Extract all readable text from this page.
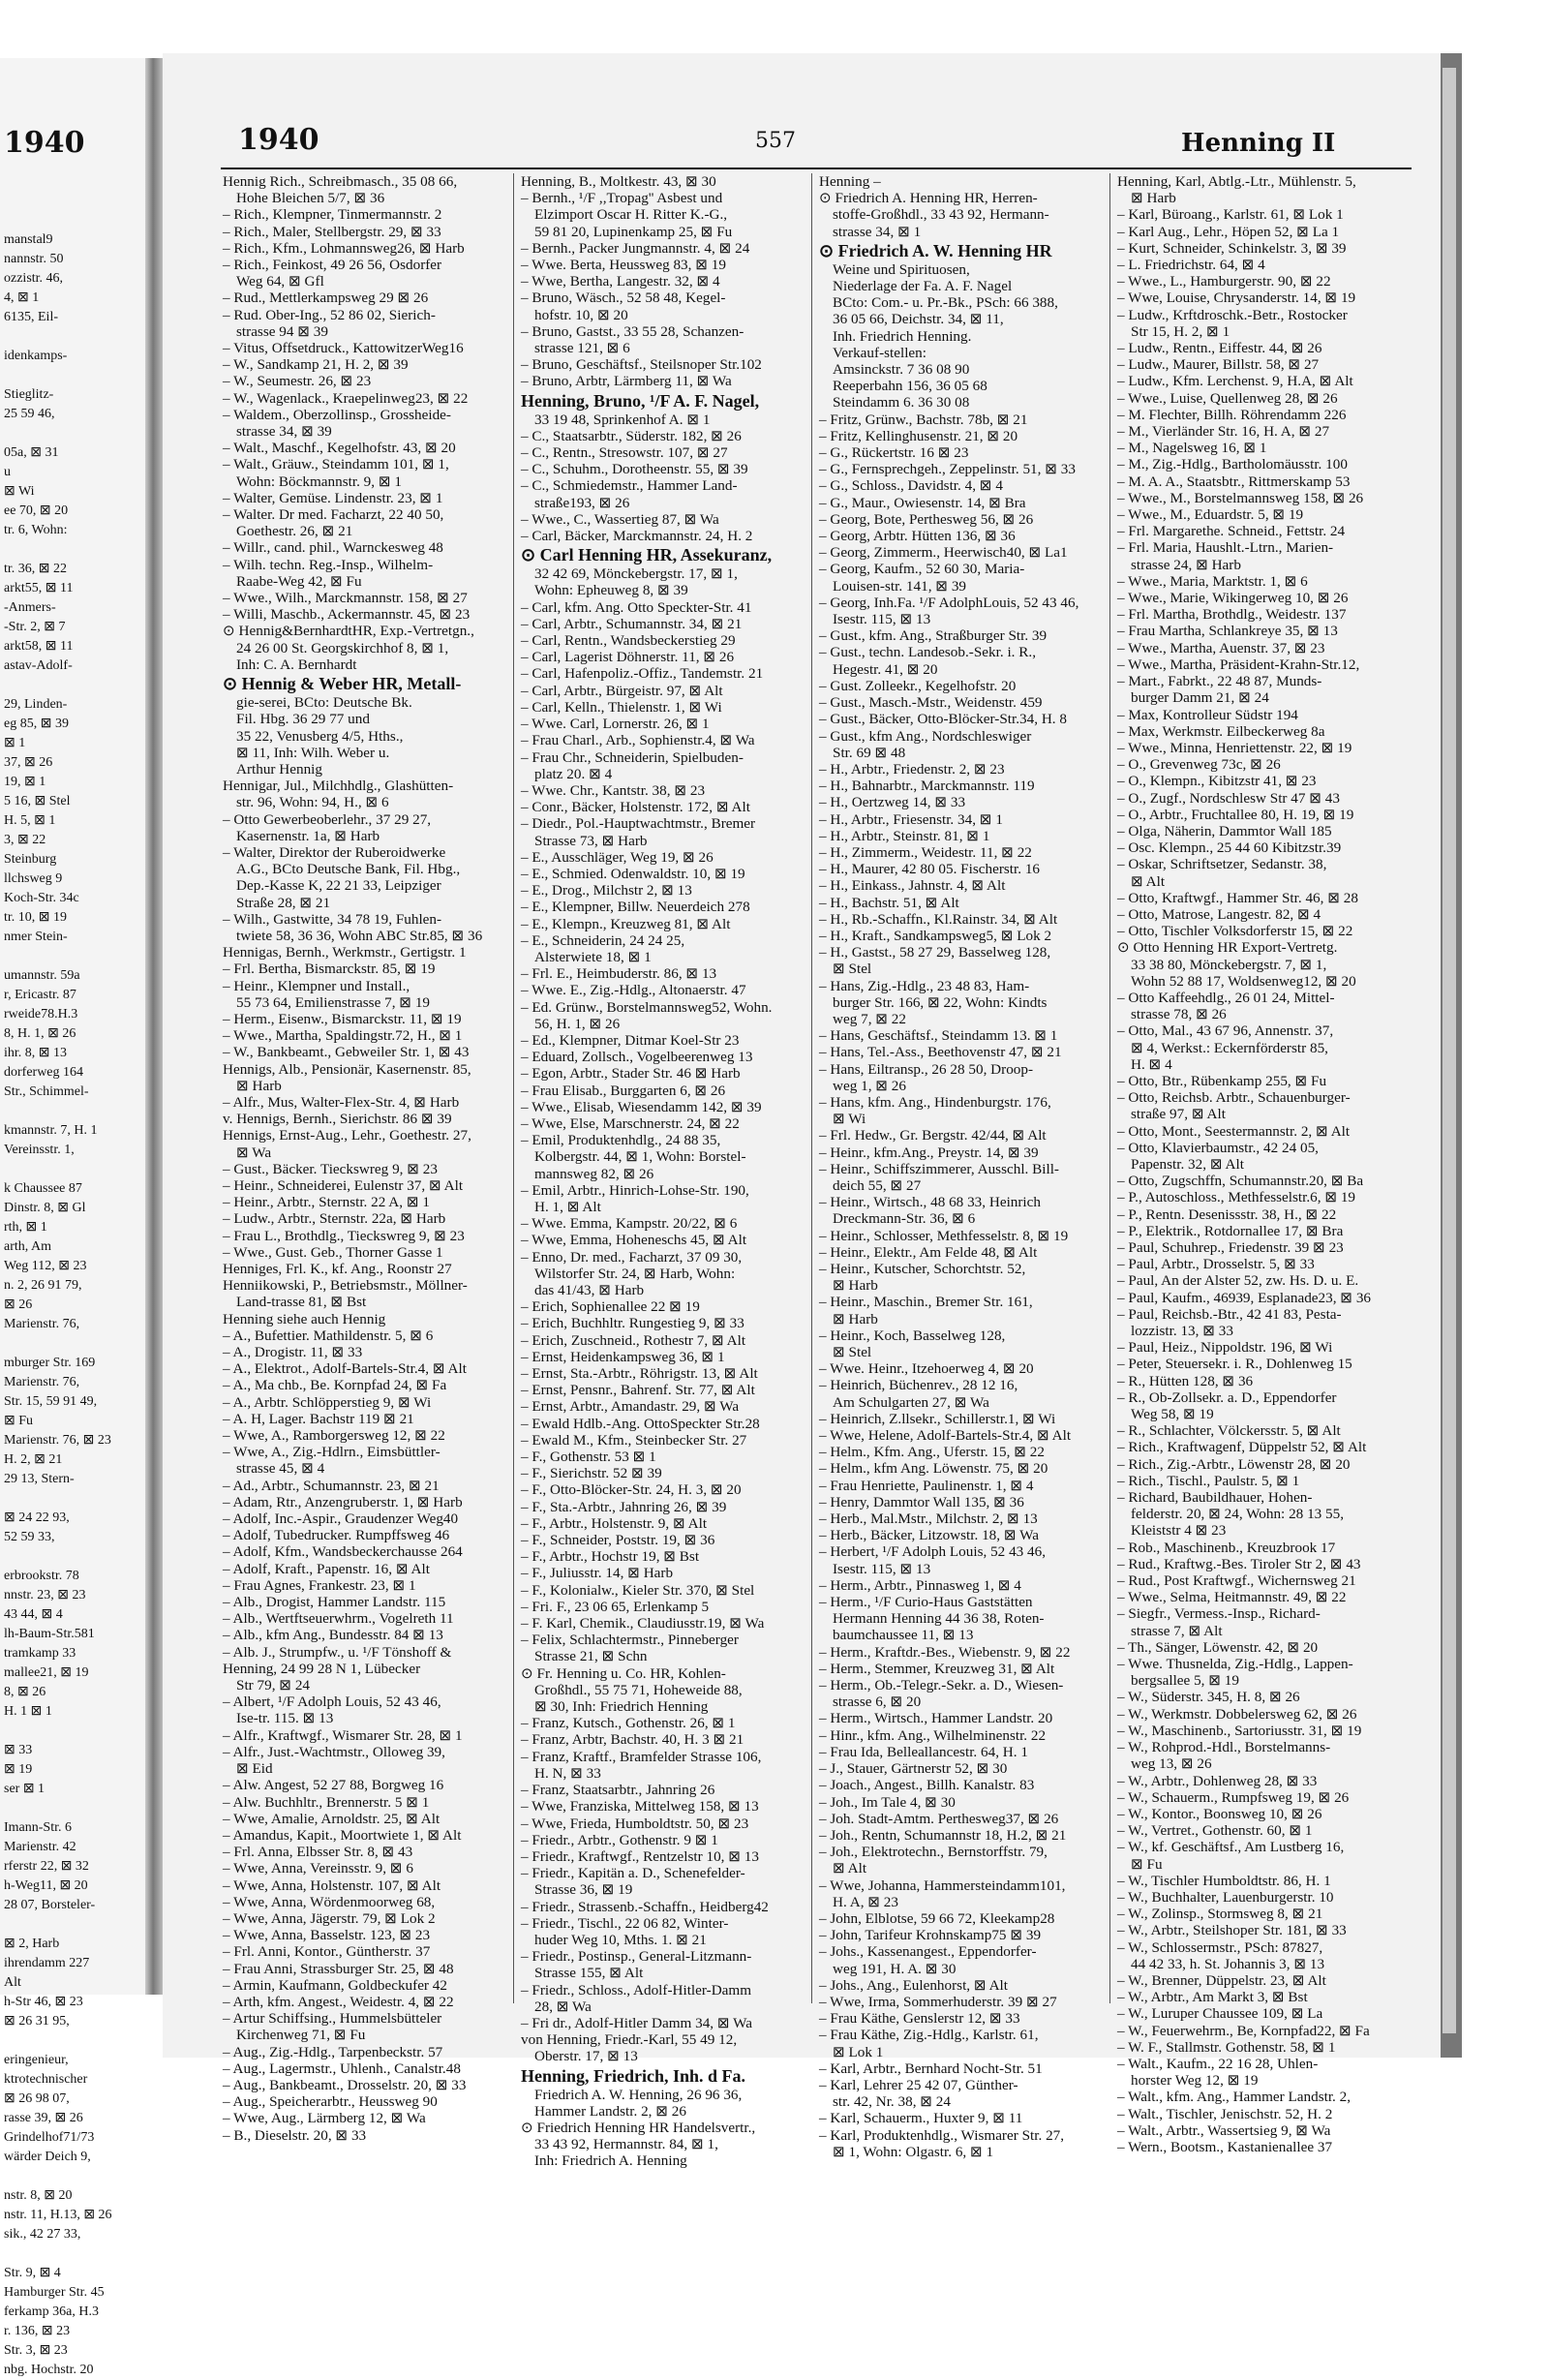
1940
manstal9
nannstr. 50
ozzistr. 46,
4, ⊠ 1
6135, Eil-
idenkamps-
Stieglitz-
25 59 46,
05a, ⊠ 31
u
⊠ Wi
ee 70, ⊠ 20
tr. 6, Wohn:
tr. 36, ⊠ 22
arkt55, ⊠ 11
-Anmers-
-Str. 2, ⊠ 7
arkt58, ⊠ 11
astav-Adolf-
29, Linden-
eg 85, ⊠ 39
⊠ 1
37, ⊠ 26
19, ⊠ 1
5 16, ⊠ Stel
H. 5, ⊠ 1
3, ⊠ 22
Steinburg
llchsweg 9
Koch-Str. 34c
tr. 10, ⊠ 19
nmer Stein-
umannstr. 59a
r, Ericastr. 87
rweide78.H.3
8, H. 1, ⊠ 26
ihr. 8, ⊠ 13
dorferweg 164
Str., Schimmel-
kmannstr. 7, H. 1
Vereinsstr. 1,
k Chaussee 87
Dinstr. 8, ⊠ Gl
rth, ⊠ 1
arth, Am
Weg 112, ⊠ 23
n. 2, 26 91 79,
⊠ 26
Marienstr. 76,
mburger Str. 169
Marienstr. 76,
Str. 15, 59 91 49,
⊠ Fu
Marienstr. 76, ⊠ 23
H. 2, ⊠ 21
29 13, Stern-
⊠ 24 22 93,
52 59 33,
erbrookstr. 78
nnstr. 23, ⊠ 23
43 44, ⊠ 4
lh-Baum-Str.581
tramkamp 33
mallee21, ⊠ 19
8, ⊠ 26
H. 1 ⊠ 1
⊠ 33
⊠ 19
ser ⊠ 1
Imann-Str. 6
Marienstr. 42
rferstr 22, ⊠ 32
h-Weg11, ⊠ 20
28 07, Borsteler-
⊠ 2, Harb
ihrendamm 227
Alt
h-Str 46, ⊠ 23
⊠ 26 31 95,
eringenieur,
ktrotechnischer
⊠ 26 98 07,
rasse 39, ⊠ 26
Grindelhof71/73
wärder Deich 9,
nstr. 8, ⊠ 20
nstr. 11, H.13, ⊠ 26
sik., 42 27 33,
Str. 9, ⊠ 4
Hamburger Str. 45
ferkamp 36a, H.3
r. 136, ⊠ 23
Str. 3, ⊠ 23
nbg. Hochstr. 20
1940	557	Henning II
Hennig Rich., Schreibmasch., 35 08 66,
Hohe Bleichen 5/7, ⊠ 36
– Rich., Klempner, Tinmermannstr. 2
– Rich., Maler, Stellbergstr. 29, ⊠ 33
– Rich., Kfm., Lohmannsweg26, ⊠ Harb
– Rich., Feinkost, 49 26 56, Osdorfer
Weg 64, ⊠ Gfl
– Rud., Mettlerkampsweg 29 ⊠ 26
– Rud. Ober-Ing., 52 86 02, Sierich-
strasse 94 ⊠ 39
– Vitus, Offsetdruck., KattowitzerWeg16
– W., Sandkamp 21, H. 2, ⊠ 39
– W., Seumestr. 26, ⊠ 23
– W., Wagenlack., Kraepelinweg23, ⊠ 22
– Waldem., Oberzollinsp., Grossheide-
strasse 34, ⊠ 39
– Walt., Maschf., Kegelhofstr. 43, ⊠ 20
– Walt., Gräuw., Steindamm 101, ⊠ 1,
Wohn: Böckmannstr. 9, ⊠ 1
– Walter, Gemüse. Lindenstr. 23, ⊠ 1
– Walter. Dr med. Facharzt, 22 40 50,
Goethestr. 26, ⊠ 21
– Willr., cand. phil., Warnckesweg 48
– Wilh. techn. Reg.-Insp., Wilhelm-
Raabe-Weg 42, ⊠ Fu
– Wwe., Wilh., Marckmannstr. 158, ⊠ 27
– Willi, Maschb., Ackermannstr. 45, ⊠ 23
⊙ Hennig&BernhardtHR, Exp.-Vertretgn.,
24 26 00 St. Georgskirchhof 8, ⊠ 1,
Inh: C. A. Bernhardt
⊙ Hennig & Weber HR, Metall-
gie-serei, BCto: Deutsche Bk.
Fil. Hbg. 36 29 77 und
35 22, Venusberg 4/5, Hths.,
⊠ 11, Inh: Wilh. Weber u.
Arthur Hennig
Hennigar, Jul., Milchhdlg., Glashütten-
str. 96, Wohn: 94, H., ⊠ 6
– Otto Gewerbeoberlehr., 37 29 27,
Kasernenstr. 1a, ⊠ Harb
– Walter, Direktor der Ruberoidwerke
A.G., BCto Deutsche Bank, Fil. Hbg.,
Dep.-Kasse K, 22 21 33, Leipziger
Straße 28, ⊠ 21
– Wilh., Gastwitte, 34 78 19, Fuhlen-
twiete 58, 36 36, Wohn ABC Str.85, ⊠ 36
Hennigas, Bernh., Werkmstr., Gertigstr. 1
– Frl. Bertha, Bismarckstr. 85, ⊠ 19
– Heinr., Klempner und Install.,
55 73 64, Emilienstrasse 7, ⊠ 19
– Herm., Eisenw., Bismarckstr. 11, ⊠ 19
– Wwe., Martha, Spaldingstr.72, H., ⊠ 1
– W., Bankbeamt., Gebweiler Str. 1, ⊠ 43
Hennigs, Alb., Pensionär, Kasernenstr. 85,
⊠ Harb
– Alfr., Mus, Walter-Flex-Str. 4, ⊠ Harb
v. Hennigs, Bernh., Sierichstr. 86 ⊠ 39
Hennigs, Ernst-Aug., Lehr., Goethestr. 27,
⊠ Wa
– Gust., Bäcker. Tieckswreg 9, ⊠ 23
– Heinr., Schneiderei, Eulenstr 37, ⊠ Alt
– Heinr., Arbtr., Sternstr. 22 A, ⊠ 1
– Ludw., Arbtr., Sternstr. 22a, ⊠ Harb
– Frau L., Brothdlg., Tieckswreg 9, ⊠ 23
– Wwe., Gust. Geb., Thorner Gasse 1
Henniges, Frl. K., kf. Ang., Roonstr 27
Henniikowski, P., Betriebsmstr., Möllner-
Land-trasse 81, ⊠ Bst
Henning siehe auch Hennig
– A., Bufettier. Mathildenstr. 5, ⊠ 6
– A., Drogistr. 11, ⊠ 33
– A., Elektrot., Adolf-Bartels-Str.4, ⊠ Alt
– A., Ma chb., Be. Kornpfad 24, ⊠ Fa
– A., Arbtr. Schlöpperstieg 9, ⊠ Wi
– A. H, Lager. Bachstr 119 ⊠ 21
– Wwe, A., Ramborgersweg 12, ⊠ 22
– Wwe, A., Zig.-Hdlrn., Eimsbüttler-
strasse 45, ⊠ 4
– Ad., Arbtr., Schumannstr. 23, ⊠ 21
– Adam, Rtr., Anzengruberstr. 1, ⊠ Harb
– Adolf, Inc.-Aspir., Graudenzer Weg40
– Adolf, Tubedrucker. Rumpffsweg 46
– Adolf, Kfm., Wandsbeckerchausse 264
– Adolf, Kraft., Papenstr. 16, ⊠ Alt
– Frau Agnes, Frankestr. 23, ⊠ 1
– Alb., Drogist, Hammer Landstr. 115
– Alb., Wertftseuerwhrm., Vogelreth 11
– Alb., kfm Ang., Bundesstr. 84 ⊠ 13
– Alb. J., Strumpfw., u. ¹/F Tönshoff &
Henning, 24 99 28 N 1, Lübecker
Str 79, ⊠ 24
– Albert, ¹/F Adolph Louis, 52 43 46,
Ise-tr. 115. ⊠ 13
– Alfr., Kraftwgf., Wismarer Str. 28, ⊠ 1
– Alfr., Just.-Wachtmstr., Olloweg 39,
⊠ Eid
– Alw. Angest, 52 27 88, Borgweg 16
– Alw. Buchhltr., Brennerstr. 5 ⊠ 1
– Wwe, Amalie, Arnoldstr. 25, ⊠ Alt
– Amandus, Kapit., Moortwiete 1, ⊠ Alt
– Frl. Anna, Elbsser Str. 8, ⊠ 43
– Wwe, Anna, Vereinsstr. 9, ⊠ 6
– Wwe, Anna, Holstenstr. 107, ⊠ Alt
– Wwe, Anna, Wördenmoorweg 68,
– Wwe, Anna, Jägerstr. 79, ⊠ Lok 2
– Wwe, Anna, Basselstr. 123, ⊠ 23
– Frl. Anni, Kontor., Güntherstr. 37
– Frau Anni, Strassburger Str. 25, ⊠ 48
– Armin, Kaufmann, Goldbeckufer 42
– Arth, kfm. Angest., Weidestr. 4, ⊠ 22
– Artur Schiffsing., Hummelsbütteler
Kirchenweg 71, ⊠ Fu
– Aug., Zig.-Hdlg., Tarpenbeckstr. 57
– Aug., Lagermstr., Uhlenh., Canalstr.48
– Aug., Bankbeamt., Drosselstr. 20, ⊠ 33
– Aug., Speicherarbtr., Heussweg 90
– Wwe, Aug., Lärmberg 12, ⊠ Wa
– B., Dieselstr. 20, ⊠ 33
Henning, B., Moltkestr. 43, ⊠ 30
– Bernh., ¹/F ,,Tropag'' Asbest und
Elzimport Oscar H. Ritter K.-G.,
59 81 20, Lupinenkamp 25, ⊠ Fu
– Bernh., Packer Jungmannstr. 4, ⊠ 24
– Wwe. Berta, Heussweg 83, ⊠ 19
– Wwe, Bertha, Langestr. 32, ⊠ 4
– Bruno, Wäsch., 52 58 48, Kegel-
hofstr. 10, ⊠ 20
– Bruno, Gastst., 33 55 28, Schanzen-
strasse 121, ⊠ 6
– Bruno, Geschäftsf., Steilsnoper Str.102
– Bruno, Arbtr, Lärmberg 11, ⊠ Wa
Henning, Bruno, ¹/F A. F. Nagel,
33 19 48, Sprinkenhof A. ⊠ 1
– C., Staatsarbtr., Süderstr. 182, ⊠ 26
– C., Rentn., Stresowstr. 107, ⊠ 27
– C., Schuhm., Dorotheenstr. 55, ⊠ 39
– C., Schmiedemstr., Hammer Land-
straße193, ⊠ 26
– Wwe., C., Wassertieg 87, ⊠ Wa
– Carl, Bäcker, Marckmannstr. 24, H. 2
⊙ Carl Henning HR, Assekuranz,
32 42 69, Mönckebergstr. 17, ⊠ 1,
Wohn: Epheuweg 8, ⊠ 39
– Carl, kfm. Ang. Otto Speckter-Str. 41
– Carl, Arbtr., Schumannstr. 34, ⊠ 21
– Carl, Rentn., Wandsbeckerstieg 29
– Carl, Lagerist Döhnerstr. 11, ⊠ 26
– Carl, Hafenpoliz.-Offiz., Tandemstr. 21
– Carl, Arbtr., Bürgeistr. 97, ⊠ Alt
– Carl, Kelln., Thielenstr. 1, ⊠ Wi
– Wwe. Carl, Lornerstr. 26, ⊠ 1
– Frau Charl., Arb., Sophienstr.4, ⊠ Wa
– Frau Chr., Schneiderin, Spielbuden-
platz 20. ⊠ 4
– Wwe. Chr., Kantstr. 38, ⊠ 23
– Conr., Bäcker, Holstenstr. 172, ⊠ Alt
– Diedr., Pol.-Hauptwachtmstr., Bremer
Strasse 73, ⊠ Harb
– E., Ausschläger, Weg 19, ⊠ 26
– E., Schmied. Odenwaldstr. 10, ⊠ 19
– E., Drog., Milchstr 2, ⊠ 13
– E., Klempner, Billw. Neuerdeich 278
– E., Klempn., Kreuzweg 81, ⊠ Alt
– E., Schneiderin, 24 24 25,
Alsterwiete 18, ⊠ 1
– Frl. E., Heimbuderstr. 86, ⊠ 13
– Wwe. E., Zig.-Hdlg., Altonaerstr. 47
– Ed. Grünw., Borstelmannsweg52, Wohn.
56, H. 1, ⊠ 26
– Ed., Klempner, Ditmar Koel-Str 23
– Eduard, Zollsch., Vogelbeerenweg 13
– Egon, Arbtr., Stader Str. 46 ⊠ Harb
– Frau Elisab., Burggarten 6, ⊠ 26
– Wwe., Elisab, Wiesendamm 142, ⊠ 39
– Wwe, Else, Marschnerstr. 24, ⊠ 22
– Emil, Produktenhdlg., 24 88 35,
Kolbergstr. 44, ⊠ 1, Wohn: Borstel-
mannsweg 82, ⊠ 26
– Emil, Arbtr., Hinrich-Lohse-Str. 190,
H. 1, ⊠ Alt
– Wwe. Emma, Kampstr. 20/22, ⊠ 6
– Wwe, Emma, Hoheneschs 45, ⊠ Alt
– Enno, Dr. med., Facharzt, 37 09 30,
Wilstorfer Str. 24, ⊠ Harb, Wohn:
das 41/43, ⊠ Harb
– Erich, Sophienallee 22 ⊠ 19
– Erich, Buchhltr. Rungestieg 9, ⊠ 33
– Erich, Zuschneid., Rothestr 7, ⊠ Alt
– Ernst, Heidenkampsweg 36, ⊠ 1
– Ernst, Sta.-Arbtr., Röhrigstr. 13, ⊠ Alt
– Ernst, Pensnr., Bahrenf. Str. 77, ⊠ Alt
– Ernst, Arbtr., Amandastr. 29, ⊠ Wa
– Ewald Hdlb.-Ang. OttoSpeckter Str.28
– Ewald M., Kfm., Steinbecker Str. 27
– F., Gothenstr. 53 ⊠ 1
– F., Sierichstr. 52 ⊠ 39
– F., Otto-Blöcker-Str. 24, H. 3, ⊠ 20
– F., Sta.-Arbtr., Jahnring 26, ⊠ 39
– F., Arbtr., Holstenstr. 9, ⊠ Alt
– F., Schneider, Poststr. 19, ⊠ 36
– F., Arbtr., Hochstr 19, ⊠ Bst
– F., Juliusstr. 14, ⊠ Harb
– F., Kolonialw., Kieler Str. 370, ⊠ Stel
– Fri. F., 23 06 65, Erlenkamp 5
– F. Karl, Chemik., Claudiusstr.19, ⊠ Wa
– Felix, Schlachtermstr., Pinneberger
Strasse 21, ⊠ Schn
⊙ Fr. Henning u. Co. HR, Kohlen-
Großhdl., 55 75 71, Hoheweide 88,
⊠ 30, Inh: Friedrich Henning
– Franz, Kutsch., Gothenstr. 26, ⊠ 1
– Franz, Arbtr, Bachstr. 40, H. 3 ⊠ 21
– Franz, Kraftf., Bramfelder Strasse 106,
H. N, ⊠ 33
– Franz, Staatsarbtr., Jahnring 26
– Wwe, Franziska, Mittelweg 158, ⊠ 13
– Wwe, Frieda, Humboldtstr. 50, ⊠ 23
– Friedr., Arbtr., Gothenstr. 9 ⊠ 1
– Friedr., Kraftwgf., Rentzelstr 10, ⊠ 13
– Friedr., Kapitän a. D., Schenefelder-
Strasse 36, ⊠ 19
– Friedr., Strassenb.-Schaffn., Heidberg42
– Friedr., Tischl., 22 06 82, Winter-
huder Weg 10, Mths. 1. ⊠ 21
– Friedr., Postinsp., General-Litzmann-
Strasse 155, ⊠ Alt
– Friedr., Schloss., Adolf-Hitler-Damm
28, ⊠ Wa
– Fri dr., Adolf-Hitler Damm 34, ⊠ Wa
von Henning, Friedr.-Karl, 55 49 12,
Oberstr. 17, ⊠ 13
Henning, Friedrich, Inh. d Fa.
Friedrich A. W. Henning, 26 96 36,
Hammer Landstr. 2, ⊠ 26
⊙ Friedrich Henning HR Handelsvertr.,
33 43 92, Hermannstr. 84, ⊠ 1,
Inh: Friedrich A. Henning
Henning –
⊙ Friedrich A. Henning HR, Herren-
stoffe-Großhdl., 33 43 92, Hermann-
strasse 34, ⊠ 1
⊙ Friedrich A. W. Henning HR
Weine und Spirituosen,
Niederlage der Fa. A. F. Nagel
BCto: Com.- u. Pr.-Bk., PSch: 66 388,
36 05 66, Deichstr. 34, ⊠ 11,
Inh. Friedrich Henning.
Verkauf-stellen:
Amsinckstr. 7 36 08 90
Reeperbahn 156, 36 05 68
Steindamm 6. 36 30 08
– Fritz, Grünw., Bachstr. 78b, ⊠ 21
– Fritz, Kellinghusenstr. 21, ⊠ 20
– G., Rückertstr. 16 ⊠ 23
– G., Fernsprechgeh., Zeppelinstr. 51, ⊠ 33
– G., Schloss., Davidstr. 4, ⊠ 4
– G., Maur., Owiesenstr. 14, ⊠ Bra
– Georg, Bote, Perthesweg 56, ⊠ 26
– Georg, Arbtr. Hütten 136, ⊠ 36
– Georg, Zimmerm., Heerwisch40, ⊠ La1
– Georg, Kaufm., 52 60 30, Maria-
Louisen-str. 141, ⊠ 39
– Georg, Inh.Fa. ¹/F AdolphLouis, 52 43 46,
Isestr. 115, ⊠ 13
– Gust., kfm. Ang., Straßburger Str. 39
– Gust., techn. Landesob.-Sekr. i. R.,
Hegestr. 41, ⊠ 20
– Gust. Zolleekr., Kegelhofstr. 20
– Gust., Masch.-Mstr., Weidenstr. 459
– Gust., Bäcker, Otto-Blöcker-Str.34, H. 8
– Gust., kfm Ang., Nordschleswiger
Str. 69 ⊠ 48
– H., Arbtr., Friedenstr. 2, ⊠ 23
– H., Bahnarbtr., Marckmannstr. 119
– H., Oertzweg 14, ⊠ 33
– H., Arbtr., Friesenstr. 34, ⊠ 1
– H., Arbtr., Steinstr. 81, ⊠ 1
– H., Zimmerm., Weidestr. 11, ⊠ 22
– H., Maurer, 42 80 05. Fischerstr. 16
– H., Einkass., Jahnstr. 4, ⊠ Alt
– H., Bachstr. 51, ⊠ Alt
– H., Rb.-Schaffn., Kl.Rainstr. 34, ⊠ Alt
– H., Kraft., Sandkampsweg5, ⊠ Lok 2
– H., Gastst., 58 27 29, Basselweg 128,
⊠ Stel
– Hans, Zig.-Hdlg., 23 48 83, Ham-
burger Str. 166, ⊠ 22, Wohn: Kindts
weg 7, ⊠ 22
– Hans, Geschäftsf., Steindamm 13. ⊠ 1
– Hans, Tel.-Ass., Beethovenstr 47, ⊠ 21
– Hans, Eiltransp., 26 28 50, Droop-
weg 1, ⊠ 26
– Hans, kfm. Ang., Hindenburgstr. 176,
⊠ Wi
– Frl. Hedw., Gr. Bergstr. 42/44, ⊠ Alt
– Heinr., kfm.Ang., Preystr. 14, ⊠ 39
– Heinr., Schiffszimmerer, Ausschl. Bill-
deich 55, ⊠ 27
– Heinr., Wirtsch., 48 68 33, Heinrich
Dreckmann-Str. 36, ⊠ 6
– Heinr., Schlosser, Methfesselstr. 8, ⊠ 19
– Heinr., Elektr., Am Felde 48, ⊠ Alt
– Heinr., Kutscher, Schorchtstr. 52,
⊠ Harb
– Heinr., Maschin., Bremer Str. 161,
⊠ Harb
– Heinr., Koch, Basselweg 128,
⊠ Stel
– Wwe. Heinr., Itzehoerweg 4, ⊠ 20
– Heinrich, Büchenrev., 28 12 16,
Am Schulgarten 27, ⊠ Wa
– Heinrich, Z.llsekr., Schillerstr.1, ⊠ Wi
– Wwe, Helene, Adolf-Bartels-Str.4, ⊠ Alt
– Helm., Kfm. Ang., Uferstr. 15, ⊠ 22
– Helm., kfm Ang. Löwenstr. 75, ⊠ 20
– Frau Henriette, Paulinenstr. 1, ⊠ 4
– Henry, Dammtor Wall 135, ⊠ 36
– Herb., Mal.Mstr., Milchstr. 2, ⊠ 13
– Herb., Bäcker, Litzowstr. 18, ⊠ Wa
– Herbert, ¹/F Adolph Louis, 52 43 46,
Isestr. 115, ⊠ 13
– Herm., Arbtr., Pinnasweg 1, ⊠ 4
– Herm., ¹/F Curio-Haus Gaststätten
Hermann Henning 44 36 38, Roten-
baumchaussee 11, ⊠ 13
– Herm., Kraftdr.-Bes., Wiebenstr. 9, ⊠ 22
– Herm., Stemmer, Kreuzweg 31, ⊠ Alt
– Herm., Ob.-Telegr.-Sekr. a. D., Wiesen-
strasse 6, ⊠ 20
– Herm., Wirtsch., Hammer Landstr. 20
– Hinr., kfm. Ang., Wilhelminenstr. 22
– Frau Ida, Belleallancestr. 64, H. 1
– J., Stauer, Gärtnerstr 52, ⊠ 30
– Joach., Angest., Billh. Kanalstr. 83
– Joh., Im Tale 4, ⊠ 30
– Joh. Stadt-Amtm. Perthesweg37, ⊠ 26
– Joh., Rentn, Schumannstr 18, H.2, ⊠ 21
– Joh., Elektrotechn., Bernstorffstr. 79,
⊠ Alt
– Wwe, Johanna, Hammersteindamm101,
H. A, ⊠ 23
– John, Elblotse, 59 66 72, Kleekamp28
– John, Tarifeur Krohnskamp75 ⊠ 39
– Johs., Kassenangest., Eppendorfer-
weg 191, H. A. ⊠ 30
– Johs., Ang., Eulenhorst, ⊠ Alt
– Wwe, Irma, Sommerhuderstr. 39 ⊠ 27
– Frau Käthe, Genslerstr 12, ⊠ 33
– Frau Käthe, Zig.-Hdlg., Karlstr. 61,
⊠ Lok 1
– Karl, Arbtr., Bernhard Nocht-Str. 51
– Karl, Lehrer 25 42 07, Günther-
str. 42, Nr. 38, ⊠ 24
– Karl, Schauerm., Huxter 9, ⊠ 11
– Karl, Produktenhdlg., Wismarer Str. 27,
⊠ 1, Wohn: Olgastr. 6, ⊠ 1
Henning, Karl, Abtlg.-Ltr., Mühlenstr. 5,
⊠ Harb
– Karl, Büroang., Karlstr. 61, ⊠ Lok 1
– Karl Aug., Lehr., Höpen 52, ⊠ La 1
– Kurt, Schneider, Schinkelstr. 3, ⊠ 39
– L. Friedrichstr. 64, ⊠ 4
– Wwe., L., Hamburgerstr. 90, ⊠ 22
– Wwe, Louise, Chrysanderstr. 14, ⊠ 19
– Ludw., Krftdroschk.-Betr., Rostocker
Str 15, H. 2, ⊠ 1
– Ludw., Rentn., Eiffestr. 44, ⊠ 26
– Ludw., Maurer, Billstr. 58, ⊠ 27
– Ludw., Kfm. Lerchenst. 9, H.A, ⊠ Alt
– Wwe., Luise, Quellenweg 28, ⊠ 26
– M. Flechter, Billh. Röhrendamm 226
– M., Vierländer Str. 16, H. A, ⊠ 27
– M., Nagelsweg 16, ⊠ 1
– M., Zig.-Hdlg., Bartholomäusstr. 100
– M. A. A., Staatsbtr., Rittmerskamp 53
– Wwe., M., Borstelmannsweg 158, ⊠ 26
– Wwe., M., Eduardstr. 5, ⊠ 19
– Frl. Margarethe. Schneid., Fettstr. 24
– Frl. Maria, Haushlt.-Ltrn., Marien-
strasse 24, ⊠ Harb
– Wwe., Maria, Marktstr. 1, ⊠ 6
– Wwe., Marie, Wikingerweg 10, ⊠ 26
– Frl. Martha, Brothdlg., Weidestr. 137
– Frau Martha, Schlankreye 35, ⊠ 13
– Wwe., Martha, Auenstr. 37, ⊠ 23
– Wwe., Martha, Präsident-Krahn-Str.12,
– Mart., Fabrkt., 22 48 87, Munds-
burger Damm 21, ⊠ 24
– Max, Kontrolleur Südstr 194
– Max, Werkmstr. Eilbeckerweg 8a
– Wwe., Minna, Henriettenstr. 22, ⊠ 19
– O., Grevenweg 73c, ⊠ 26
– O., Klempn., Kibitzstr 41, ⊠ 23
– O., Zugf., Nordschlesw Str 47 ⊠ 43
– O., Arbtr., Fruchtallee 80, H. 19, ⊠ 19
– Olga, Näherin, Dammtor Wall 185
– Osc. Klempn., 25 44 60 Kibitzstr.39
– Oskar, Schriftsetzer, Sedanstr. 38,
⊠ Alt
– Otto, Kraftwgf., Hammer Str. 46, ⊠ 28
– Otto, Matrose, Langestr. 82, ⊠ 4
– Otto, Tischler Volksdorferstr 15, ⊠ 22
⊙ Otto Henning HR Export-Vertretg.
33 38 80, Mönckebergstr. 7, ⊠ 1,
Wohn 52 88 17, Woldsenweg12, ⊠ 20
– Otto Kaffeehdlg., 26 01 24, Mittel-
strasse 78, ⊠ 26
– Otto, Mal., 43 67 96, Annenstr. 37,
⊠ 4, Werkst.: Eckernförderstr 85,
H. ⊠ 4
– Otto, Btr., Rübenkamp 255, ⊠ Fu
– Otto, Reichsb. Arbtr., Schauenburger-
straße 97, ⊠ Alt
– Otto, Mont., Seestermannstr. 2, ⊠ Alt
– Otto, Klavierbaumstr., 42 24 05,
Papenstr. 32, ⊠ Alt
– Otto, Zugschffn, Schumannstr.20, ⊠ Ba
– P., Autoschloss., Methfesselstr.6, ⊠ 19
– P., Rentn. Desenissstr. 38, H., ⊠ 22
– P., Elektrik., Rotdornallee 17, ⊠ Bra
– Paul, Schuhrep., Friedenstr. 39 ⊠ 23
– Paul, Arbtr., Drosselstr. 5, ⊠ 33
– Paul, An der Alster 52, zw. Hs. D. u. E.
– Paul, Kaufm., 46939, Esplanade23, ⊠ 36
– Paul, Reichsb.-Btr., 42 41 83, Pesta-
lozzistr. 13, ⊠ 33
– Paul, Heiz., Nippoldstr. 196, ⊠ Wi
– Peter, Steuersekr. i. R., Dohlenweg 15
– R., Hütten 128, ⊠ 36
– R., Ob-Zollsekr. a. D., Eppendorfer
Weg 58, ⊠ 19
– R., Schlachter, Völckersstr. 5, ⊠ Alt
– Rich., Kraftwagenf, Düppelstr 52, ⊠ Alt
– Rich., Zig.-Arbtr., Löwenstr 28, ⊠ 20
– Rich., Tischl., Paulstr. 5, ⊠ 1
– Richard, Baubildhauer, Hohen-
felderstr. 20, ⊠ 24, Wohn: 28 13 55,
Kleiststr 4 ⊠ 23
– Rob., Maschinenb., Kreuzbrook 17
– Rud., Kraftwg.-Bes. Tiroler Str 2, ⊠ 43
– Rud., Post Kraftwgf., Wichernsweg 21
– Wwe., Selma, Heitmannstr. 49, ⊠ 22
– Siegfr., Vermess.-Insp., Richard-
strasse 7, ⊠ Alt
– Th., Sänger, Löwenstr. 42, ⊠ 20
– Wwe. Thusnelda, Zig.-Hdlg., Lappen-
bergsallee 5, ⊠ 19
– W., Süderstr. 345, H. 8, ⊠ 26
– W., Werkmstr. Dobbelersweg 62, ⊠ 26
– W., Maschinenb., Sartoriusstr. 31, ⊠ 19
– W., Rohprod.-Hdl., Borstelmanns-
weg 13, ⊠ 26
– W., Arbtr., Dohlenweg 28, ⊠ 33
– W., Schauerm., Rumpfsweg 19, ⊠ 26
– W., Kontor., Boonsweg 10, ⊠ 26
– W., Vertret., Gothenstr. 60, ⊠ 1
– W., kf. Geschäftsf., Am Lustberg 16,
⊠ Fu
– W., Tischler Humboldtstr. 86, H. 1
– W., Buchhalter, Lauenburgerstr. 10
– W., Zolinsp., Stormsweg 8, ⊠ 21
– W., Arbtr., Steilshoper Str. 181, ⊠ 33
– W., Schlossermstr., PSch: 87827,
44 42 33, h. St. Johannis 3, ⊠ 13
– W., Brenner, Düppelstr. 23, ⊠ Alt
– W., Arbtr., Am Markt 3, ⊠ Bst
– W., Luruper Chaussee 109, ⊠ La
– W., Feuerwehrm., Be, Kornpfad22, ⊠ Fa
– W. F., Stallmstr. Gothenstr. 58, ⊠ 1
– Walt., Kaufm., 22 16 28, Uhlen-
horster Weg 12, ⊠ 19
– Walt., kfm. Ang., Hammer Landstr. 2,
– Walt., Tischler, Jenischstr. 52, H. 2
– Walt., Arbtr., Wassertsieg 9, ⊠ Wa
– Wern., Bootsm., Kastanienallee 37
